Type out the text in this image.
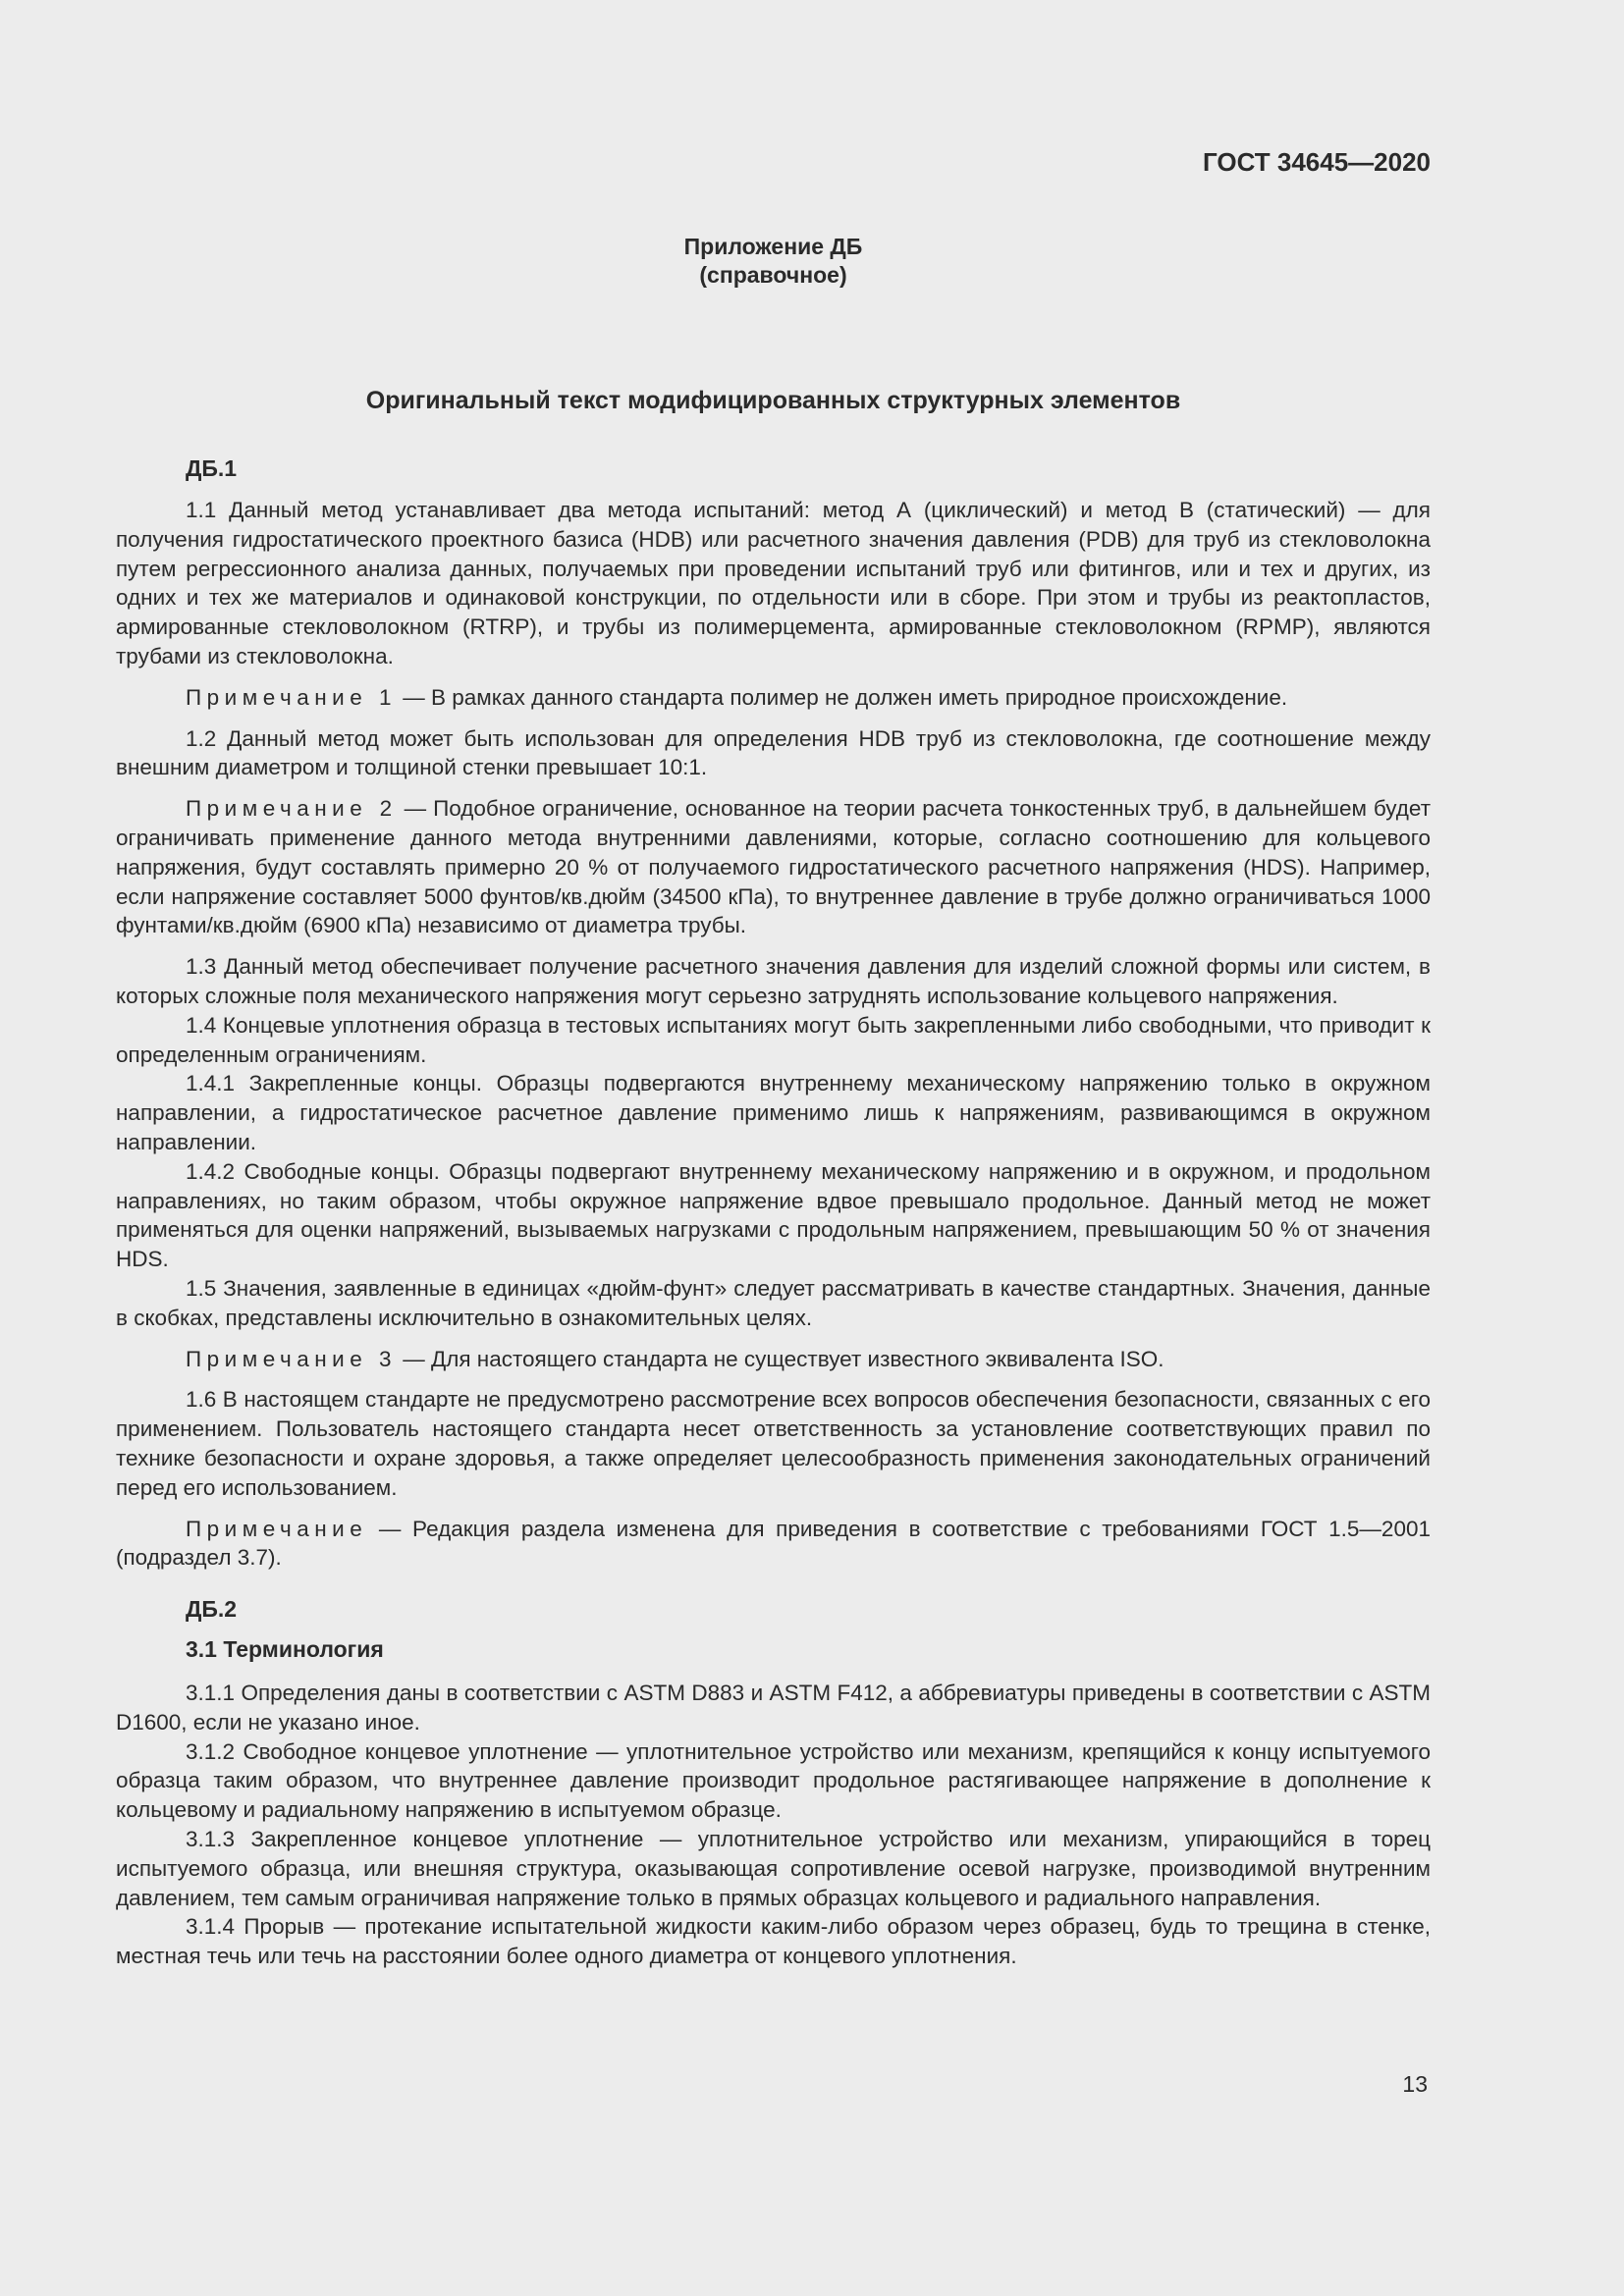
ГОСТ 34645—2020
Приложение ДБ
(справочное)
Оригинальный текст модифицированных структурных элементов
ДБ.1

1.1 Данный метод устанавливает два метода испытаний: метод А (циклический) и метод В (статический) — для получения гидростатического проектного базиса (HDB) или расчетного значения давления (PDB) для труб из стекловолокна путем регрессионного анализа данных, получаемых при проведении испытаний труб или фитингов, или и тех и других, из одних и тех же материалов и одинаковой конструкции, по отдельности или в сборе. При этом и трубы из реактопластов, армированные стекловолокном (RTRP), и трубы из полимерцемента, армированные стекловолокном (RPMP), являются трубами из стекловолокна.

Примечание 1 — В рамках данного стандарта полимер не должен иметь природное происхождение.

1.2 Данный метод может быть использован для определения HDB труб из стекловолокна, где соотношение между внешним диаметром и толщиной стенки превышает 10:1.

Примечание 2 — Подобное ограничение, основанное на теории расчета тонкостенных труб, в дальнейшем будет ограничивать применение данного метода внутренними давлениями, которые, согласно соотношению для кольцевого напряжения, будут составлять примерно 20 % от получаемого гидростатического расчетного напряжения (HDS). Например, если напряжение составляет 5000 фунтов/кв.дюйм (34500 кПа), то внутреннее давление в трубе должно ограничиваться 1000 фунтами/кв.дюйм (6900 кПа) независимо от диаметра трубы.

1.3 Данный метод обеспечивает получение расчетного значения давления для изделий сложной формы или систем, в которых сложные поля механического напряжения могут серьезно затруднять использование кольцевого напряжения.

1.4 Концевые уплотнения образца в тестовых испытаниях могут быть закрепленными либо свободными, что приводит к определенным ограничениям.

1.4.1 Закрепленные концы. Образцы подвергаются внутреннему механическому напряжению только в окружном направлении, а гидростатическое расчетное давление применимо лишь к напряжениям, развивающимся в окружном направлении.

1.4.2 Свободные концы. Образцы подвергают внутреннему механическому напряжению и в окружном, и продольном направлениях, но таким образом, чтобы окружное напряжение вдвое превышало продольное. Данный метод не может применяться для оценки напряжений, вызываемых нагрузками с продольным напряжением, превышающим 50 % от значения HDS.

1.5 Значения, заявленные в единицах «дюйм-фунт» следует рассматривать в качестве стандартных. Значения, данные в скобках, представлены исключительно в ознакомительных целях.

Примечание 3 — Для настоящего стандарта не существует известного эквивалента ISO.

1.6 В настоящем стандарте не предусмотрено рассмотрение всех вопросов обеспечения безопасности, связанных с его применением. Пользователь настоящего стандарта несет ответственность за установление соответствующих правил по технике безопасности и охране здоровья, а также определяет целесообразность применения законодательных ограничений перед его использованием.

Примечание — Редакция раздела изменена для приведения в соответствие с требованиями ГОСТ 1.5—2001 (подраздел 3.7).

ДБ.2
3.1 Терминология

3.1.1 Определения даны в соответствии с ASTM D883 и ASTM F412, а аббревиатуры приведены в соответствии с ASTM D1600, если не указано иное.

3.1.2 Свободное концевое уплотнение — уплотнительное устройство или механизм, крепящийся к концу испытуемого образца таким образом, что внутреннее давление производит продольное растягивающее напряжение в дополнение к кольцевому и радиальному напряжению в испытуемом образце.

3.1.3 Закрепленное концевое уплотнение — уплотнительное устройство или механизм, упирающийся в торец испытуемого образца, или внешняя структура, оказывающая сопротивление осевой нагрузке, производимой внутренним давлением, тем самым ограничивая напряжение только в прямых образцах кольцевого и радиального направления.

3.1.4 Прорыв — протекание испытательной жидкости каким-либо образом через образец, будь то трещина в стенке, местная течь или течь на расстоянии более одного диаметра от концевого уплотнения.

13
